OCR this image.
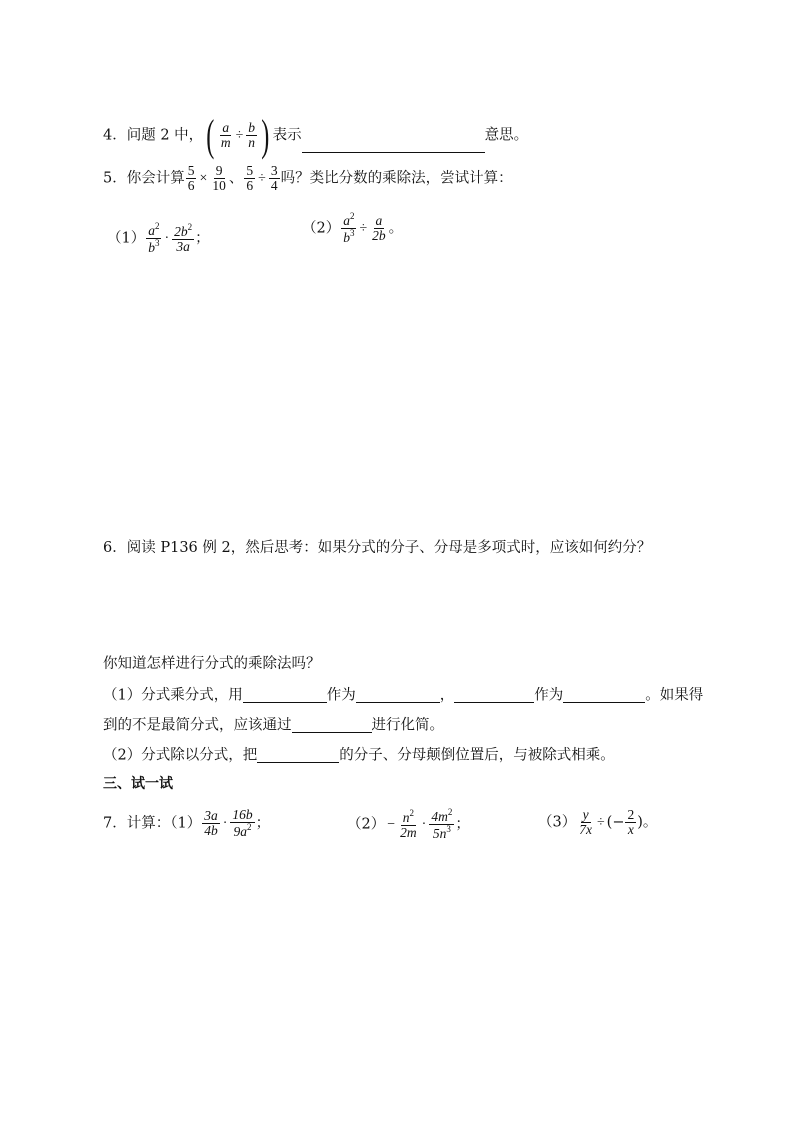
4．问题 2 中，( $\frac{a}{m} \div \frac{b}{n}$ ) 表示	意思。
5．你会计算 $\frac{5}{6} \times \frac{9}{10}$ 、 $\frac{5}{6} \div \frac{3}{4}$ 吗？类比分数的乘除法，尝试计算：
$(1) \frac{a^2}{b^3} \cdot \frac{2b^2}{3a}$ ；
$(2) \frac{a^2}{b^3} \div \frac{a}{2b}$ 。
6．阅读 P136 例 2，然后思考：如果分式的分子、分母是多项式时，应该如何约分？
你知道怎样进行分式的乘除法吗？
（1）分式乘分式，用	作为	，	作为	。如果得
到的不是最简分式，应该通过	进行化简。
（2）分式除以分式，把	的分子、分母颠倒位置后，与被除式相乘。
三、试一试
7．计算：$(1) \frac{3a}{4b} \cdot \frac{16b}{9a^2}$ ；	$(2) - \frac{n^2}{2m} \cdot \frac{4m^2}{5n^3}$ ；	$(3) \frac{y}{7x}$ ÷ (− $\frac{2}{x}$ )。
